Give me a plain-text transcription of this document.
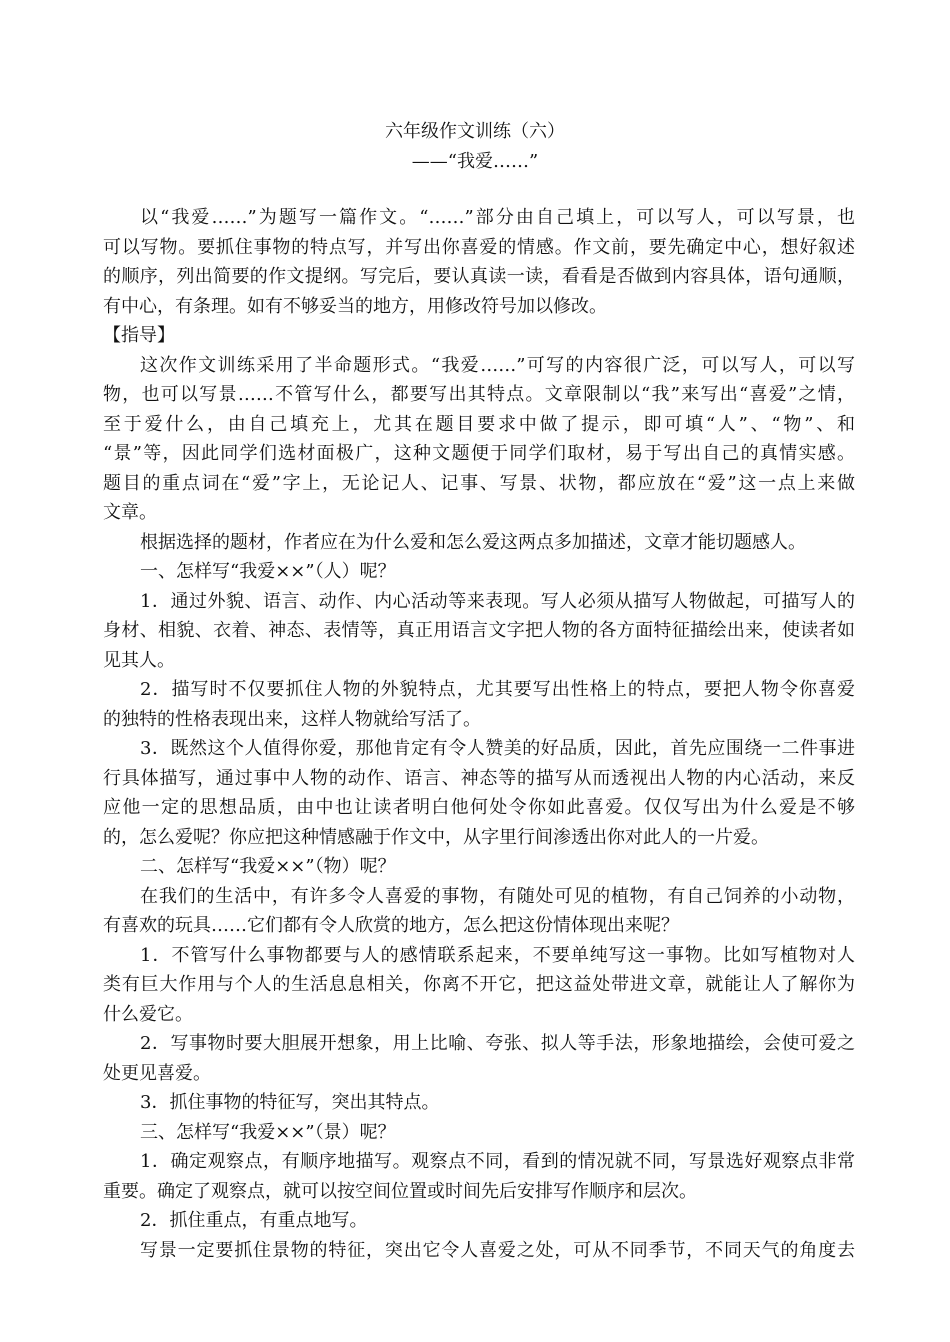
六年级作文训练（六）
——“我爱……”
以“我爱……”为题写一篇作文。“……”部分由自己填上，可以写人，可以写景，也
可以写物。要抓住事物的特点写，并写出你喜爱的情感。作文前，要先确定中心，想好叙述
的顺序，列出简要的作文提纲。写完后，要认真读一读，看看是否做到内容具体，语句通顺，
有中心，有条理。如有不够妥当的地方，用修改符号加以修改。
【指导】
这次作文训练采用了半命题形式。“我爱……”可写的内容很广泛，可以写人，可以写
物，也可以写景……不管写什么，都要写出其特点。文章限制以“我”来写出“喜爱”之情，
至于爱什么，由自己填充上，尤其在题目要求中做了提示，即可填“人”、“物”、和
“景”等，因此同学们选材面极广，这种文题便于同学们取材，易于写出自己的真情实感。
题目的重点词在“爱”字上，无论记人、记事、写景、状物，都应放在“爱”这一点上来做
文章。
根据选择的题材，作者应在为什么爱和怎么爱这两点多加描述，文章才能切题感人。
一、怎样写“我爱××”（人）呢？
1．通过外貌、语言、动作、内心活动等来表现。写人必须从描写人物做起，可描写人的
身材、相貌、衣着、神态、表情等，真正用语言文字把人物的各方面特征描绘出来，使读者如
见其人。
2．描写时不仅要抓住人物的外貌特点，尤其要写出性格上的特点，要把人物令你喜爱
的独特的性格表现出来，这样人物就给写活了。
3．既然这个人值得你爱，那他肯定有令人赞美的好品质，因此，首先应围绕一二件事进
行具体描写，通过事中人物的动作、语言、神态等的描写从而透视出人物的内心活动，来反
应他一定的思想品质，由中也让读者明白他何处令你如此喜爱。仅仅写出为什么爱是不够
的，怎么爱呢？你应把这种情感融于作文中，从字里行间渗透出你对此人的一片爱。
二、怎样写“我爱××”（物）呢？
在我们的生活中，有许多令人喜爱的事物，有随处可见的植物，有自己饲养的小动物，
有喜欢的玩具……它们都有令人欣赏的地方，怎么把这份情体现出来呢？
1．不管写什么事物都要与人的感情联系起来，不要单纯写这一事物。比如写植物对人
类有巨大作用与个人的生活息息相关，你离不开它，把这益处带进文章，就能让人了解你为
什么爱它。
2．写事物时要大胆展开想象，用上比喻、夸张、拟人等手法，形象地描绘，会使可爱之
处更见喜爱。
3．抓住事物的特征写，突出其特点。
三、怎样写“我爱××”（景）呢？
1．确定观察点，有顺序地描写。观察点不同，看到的情况就不同，写景选好观察点非常
重要。确定了观察点，就可以按空间位置或时间先后安排写作顺序和层次。
2．抓住重点，有重点地写。
写景一定要抓住景物的特征，突出它令人喜爱之处，可从不同季节，不同天气的角度去
